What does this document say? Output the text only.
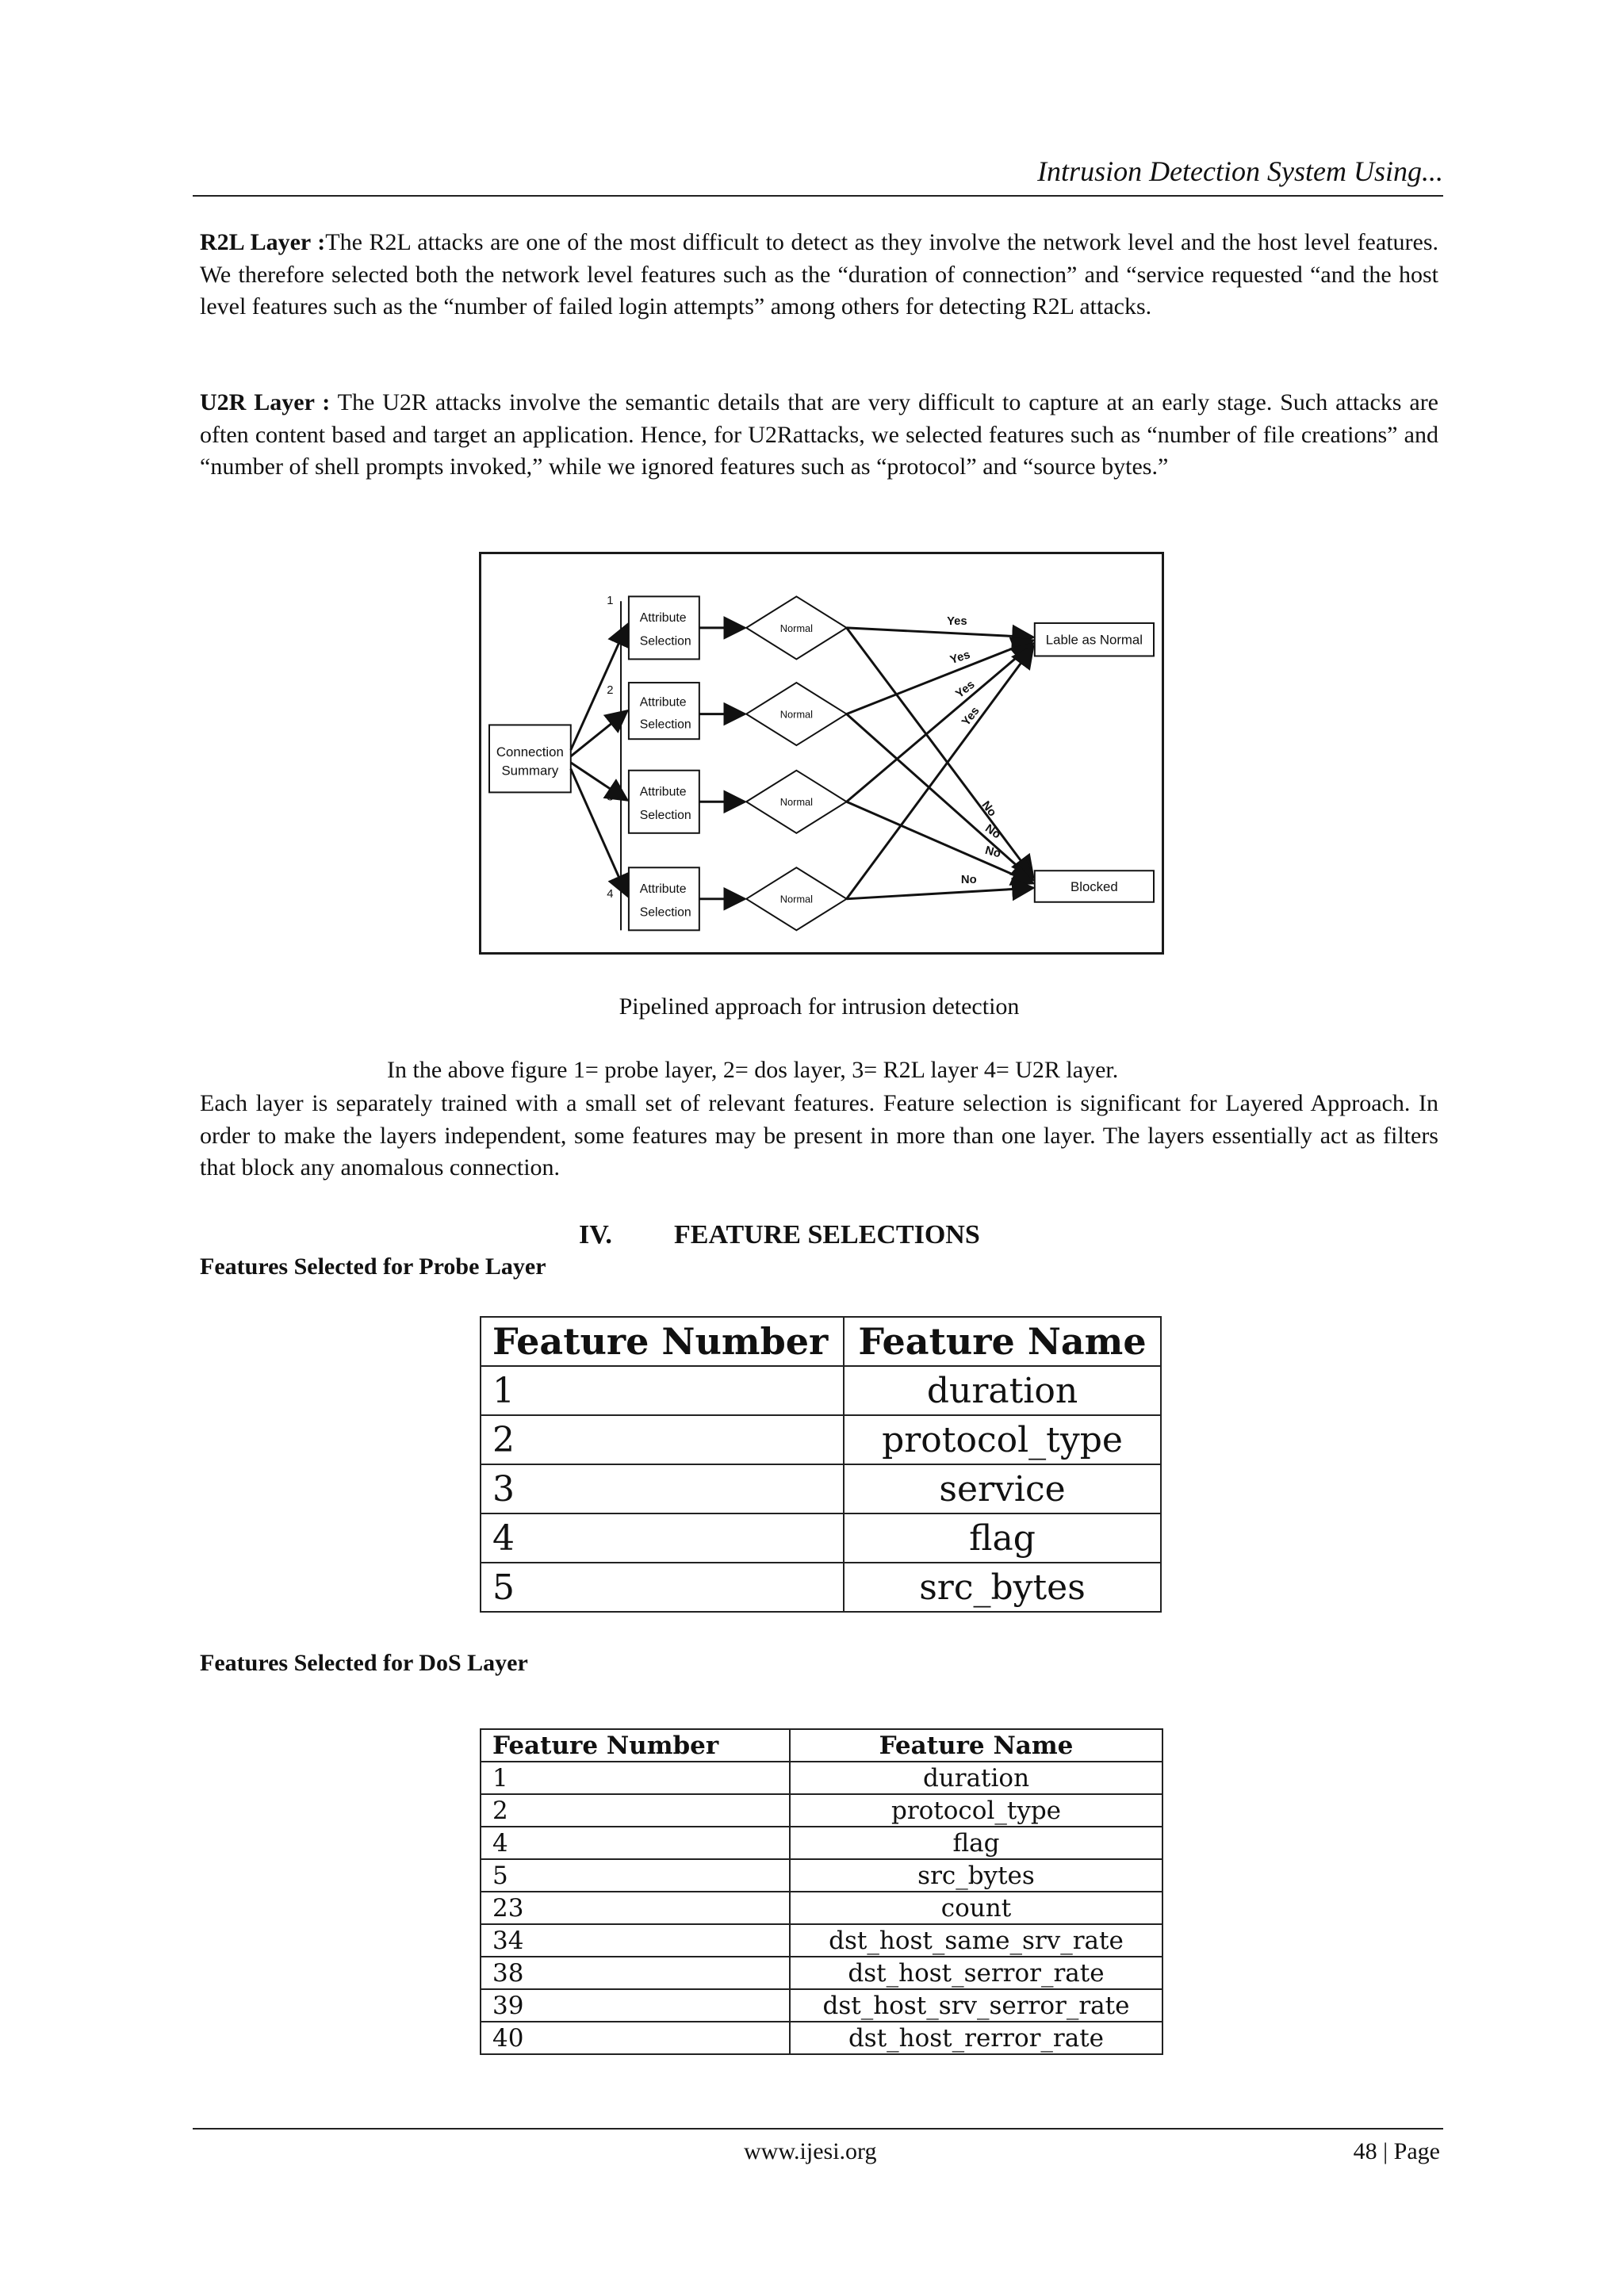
Intrusion Detection System Using...

R2L Layer :The R2L attacks are one of the most difficult to detect as they involve the network level and the host level features. We therefore selected both the network level features such as the “duration of connection” and “service requested “and the host level features such as the “number of failed login attempts” among others for detecting R2L attacks.

U2R Layer : The U2R attacks involve the semantic details that are very difficult to capture at an early stage. Such attacks are often content based and target an application. Hence, for U2Rattacks, we selected features such as “number of file creations” and “number of shell prompts invoked,” while we ignored features such as “protocol” and “source bytes.”

Connection
Summary
1
Attribute
Selection
Normal
2
Attribute
Selection
Normal
3 Attribute
Selection
Normal
4 Attribute
Selection
Normal
Lable as Normal
Blocked
Yes
Yes
Yes
Yes
No
No
No
No
Pipelined approach for intrusion detection
In the above figure 1= probe layer, 2= dos layer, 3= R2L layer 4= U2R layer.

Each layer is separately trained with a small set of relevant features. Feature selection is significant for Layered Approach. In order to make the layers independent, some features may be present in more than one layer. The layers essentially act as filters that block any anomalous connection.

IV. FEATURE SELECTIONS
Features Selected for Probe Layer
Feature Number	Feature Name
1	duration
2	protocol_type
3	service
4	flag
5	src_bytes
Features Selected for DoS Layer
Feature Number	Feature Name
1	duration
2	protocol_type
4	flag
5	src_bytes
23	count
34	dst_host_same_srv_rate
38	dst_host_serror_rate
39	dst_host_srv_serror_rate
40	dst_host_rerror_rate
www.ijesi.org	48 | Page
